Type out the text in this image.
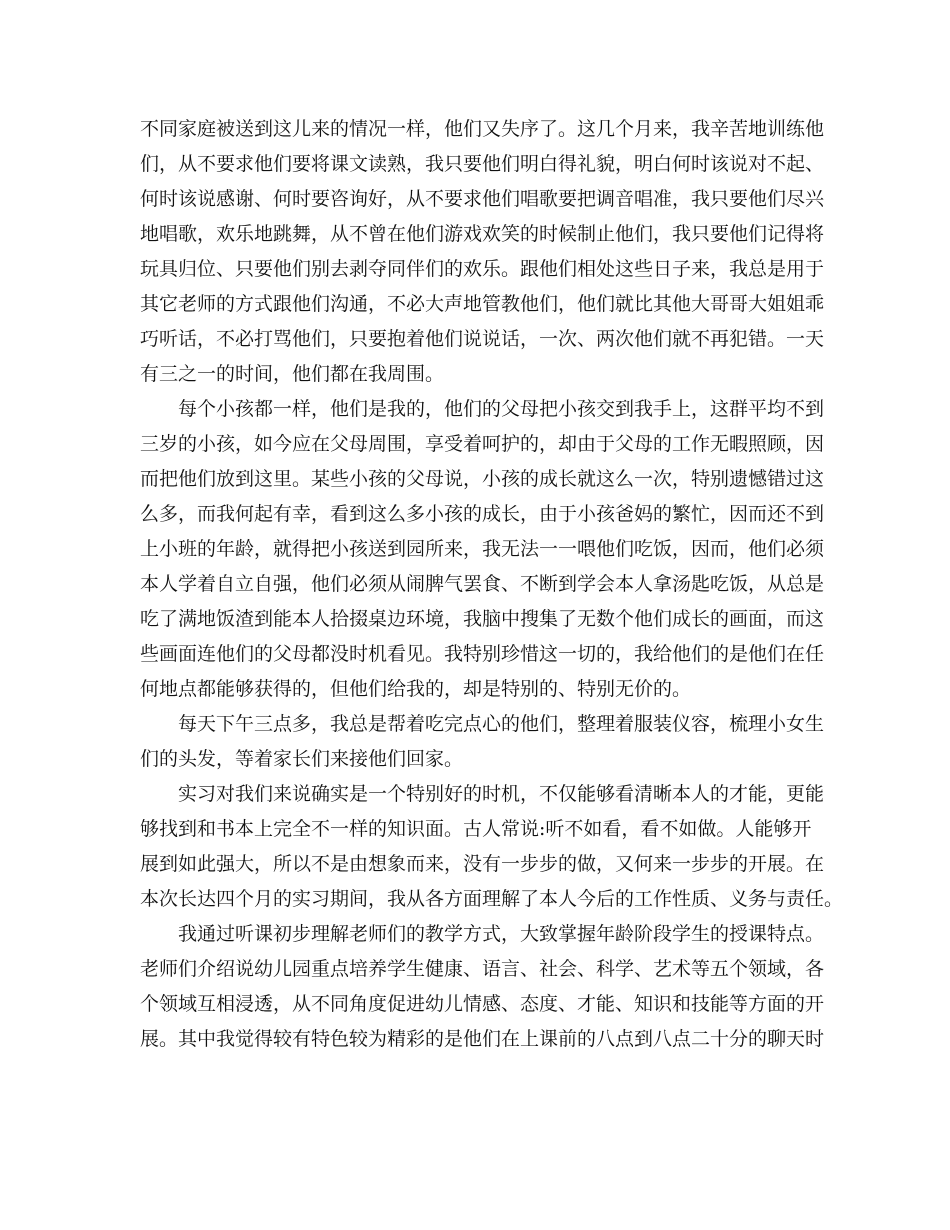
不同家庭被送到这儿来的情况一样，他们又失序了。这几个月来，我辛苦地训练他
们，从不要求他们要将课文读熟，我只要他们明白得礼貌，明白何时该说对不起、
何时该说感谢、何时要咨询好，从不要求他们唱歌要把调音唱准，我只要他们尽兴
地唱歌，欢乐地跳舞，从不曾在他们游戏欢笑的时候制止他们，我只要他们记得将
玩具归位、只要他们别去剥夺同伴们的欢乐。跟他们相处这些日子来，我总是用于
其它老师的方式跟他们沟通，不必大声地管教他们，他们就比其他大哥哥大姐姐乖
巧听话，不必打骂他们，只要抱着他们说说话，一次、两次他们就不再犯错。一天
有三之一的时间，他们都在我周围。
每个小孩都一样，他们是我的，他们的父母把小孩交到我手上，这群平均不到
三岁的小孩，如今应在父母周围，享受着呵护的，却由于父母的工作无暇照顾，因
而把他们放到这里。某些小孩的父母说，小孩的成长就这么一次，特别遗憾错过这
么多，而我何起有幸，看到这么多小孩的成长，由于小孩爸妈的繁忙，因而还不到
上小班的年龄，就得把小孩送到园所来，我无法一一喂他们吃饭，因而，他们必须
本人学着自立自强，他们必须从闹脾气罢食、不断到学会本人拿汤匙吃饭，从总是
吃了满地饭渣到能本人拾掇桌边环境，我脑中搜集了无数个他们成长的画面，而这
些画面连他们的父母都没时机看见。我特别珍惜这一切的，我给他们的是他们在任
何地点都能够获得的，但他们给我的，却是特别的、特别无价的。
每天下午三点多，我总是帮着吃完点心的他们，整理着服装仪容，梳理小女生
们的头发，等着家长们来接他们回家。
实习对我们来说确实是一个特别好的时机，不仅能够看清晰本人的才能，更能
够找到和书本上完全不一样的知识面。古人常说:听不如看，看不如做。人能够开
展到如此强大，所以不是由想象而来，没有一步步的做，又何来一步步的开展。在
本次长达四个月的实习期间，我从各方面理解了本人今后的工作性质、义务与责任。
我通过听课初步理解老师们的教学方式，大致掌握年龄阶段学生的授课特点。
老师们介绍说幼儿园重点培养学生健康、语言、社会、科学、艺术等五个领域，各
个领域互相浸透，从不同角度促进幼儿情感、态度、才能、知识和技能等方面的开
展。其中我觉得较有特色较为精彩的是他们在上课前的八点到八点二十分的聊天时
